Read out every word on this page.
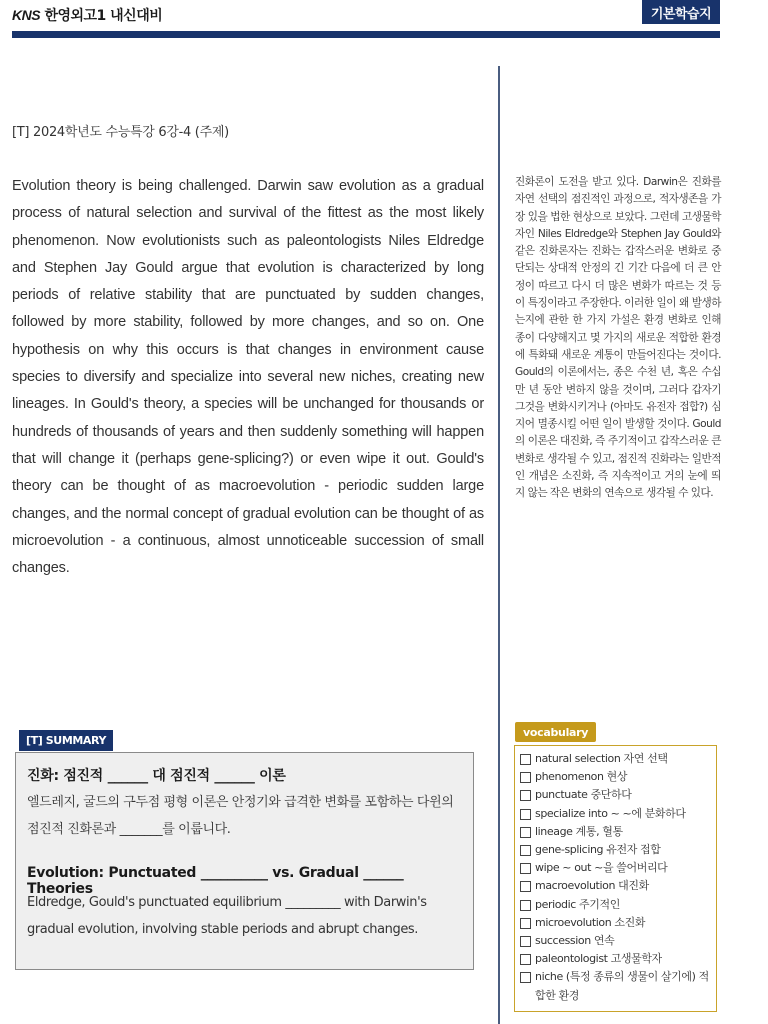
KNS 한영외고1 내신대비	기본학습지
[T] 2024학년도 수능특강 6강-4 (주제)

Evolution theory is being challenged. Darwin saw evolution as a gradual process of natural selection and survival of the fittest as the most likely phenomenon. Now evolutionists such as paleontologists Niles Eldredge and Stephen Jay Gould argue that evolution is characterized by long periods of relative stability that are punctuated by sudden changes, followed by more stability, followed by more changes, and so on. One hypothesis on why this occurs is that changes in environment cause species to diversify and specialize into several new niches, creating new lineages. In Gould's theory, a species will be unchanged for thousands or hundreds of thousands of years and then suddenly something will happen that will change it (perhaps gene-splicing?) or even wipe it out. Gould's theory can be thought of as macroevolution - periodic sudden large changes, and the normal concept of gradual evolution can be thought of as microevolution - a continuous, almost unnoticeable succession of small changes.

진화론이 도전을 받고 있다. Darwin은 진화를 자연 선택의 점진적인 과정으로, 적자생존을 가장 있을 법한 현상으로 보았다. 그런데 고생물학자인 Niles Eldredge와 Stephen Jay Gould와 같은 진화론자는 진화는 갑작스러운 변화로 중단되는 상대적 안정의 긴 기간 다음에 더 큰 안정이 따르고 다시 더 많은 변화가 따르는 것 등이 특징이라고 주장한다. 이러한 일이 왜 발생하는지에 관한 한 가지 가설은 환경 변화로 인해 종이 다양해지고 몇 가지의 새로운 적합한 환경에 특화돼 새로운 계통이 만들어진다는 것이다. Gould의 이론에서는, 종은 수천 년, 혹은 수십만 년 동안 변하지 않을 것이며, 그러다 갑자기 그것을 변화시키거나 (아마도 유전자 접합?) 심지어 멸종시킬 어떤 일이 발생할 것이다. Gould의 이론은 대진화, 즉 주기적이고 갑작스러운 큰 변화로 생각될 수 있고, 점진적 진화라는 일반적인 개념은 소진화, 즉 지속적이고 거의 눈에 띄지 않는 작은 변화의 연속으로 생각될 수 있다.

[T] SUMMARY

진화: 점진적 ______ 대 점진적 ______ 이론

엘드레지, 굴드의 구두점 평형 이론은 안정기와 급격한 변화를 포함하는 다윈의 점진적 진화론과 _______를 이룹니다.

Evolution: Punctuated __________ vs. Gradual ______ Theories

Eldredge, Gould's punctuated equilibrium _________ with Darwin's gradual evolution, involving stable periods and abrupt changes.

vocabulary
natural selection 자연 선택
phenomenon 현상
punctuate 중단하다
specialize into ~ ~에 분화하다
lineage 계통, 혈통
gene-splicing 유전자 접합
wipe ~ out ~을 쓸어버리다
macroevolution 대진화
periodic 주기적인
microevolution 소진화
succession 연속
paleontologist 고생물학자
niche (특정 종류의 생물이 살기에) 적합한 환경
